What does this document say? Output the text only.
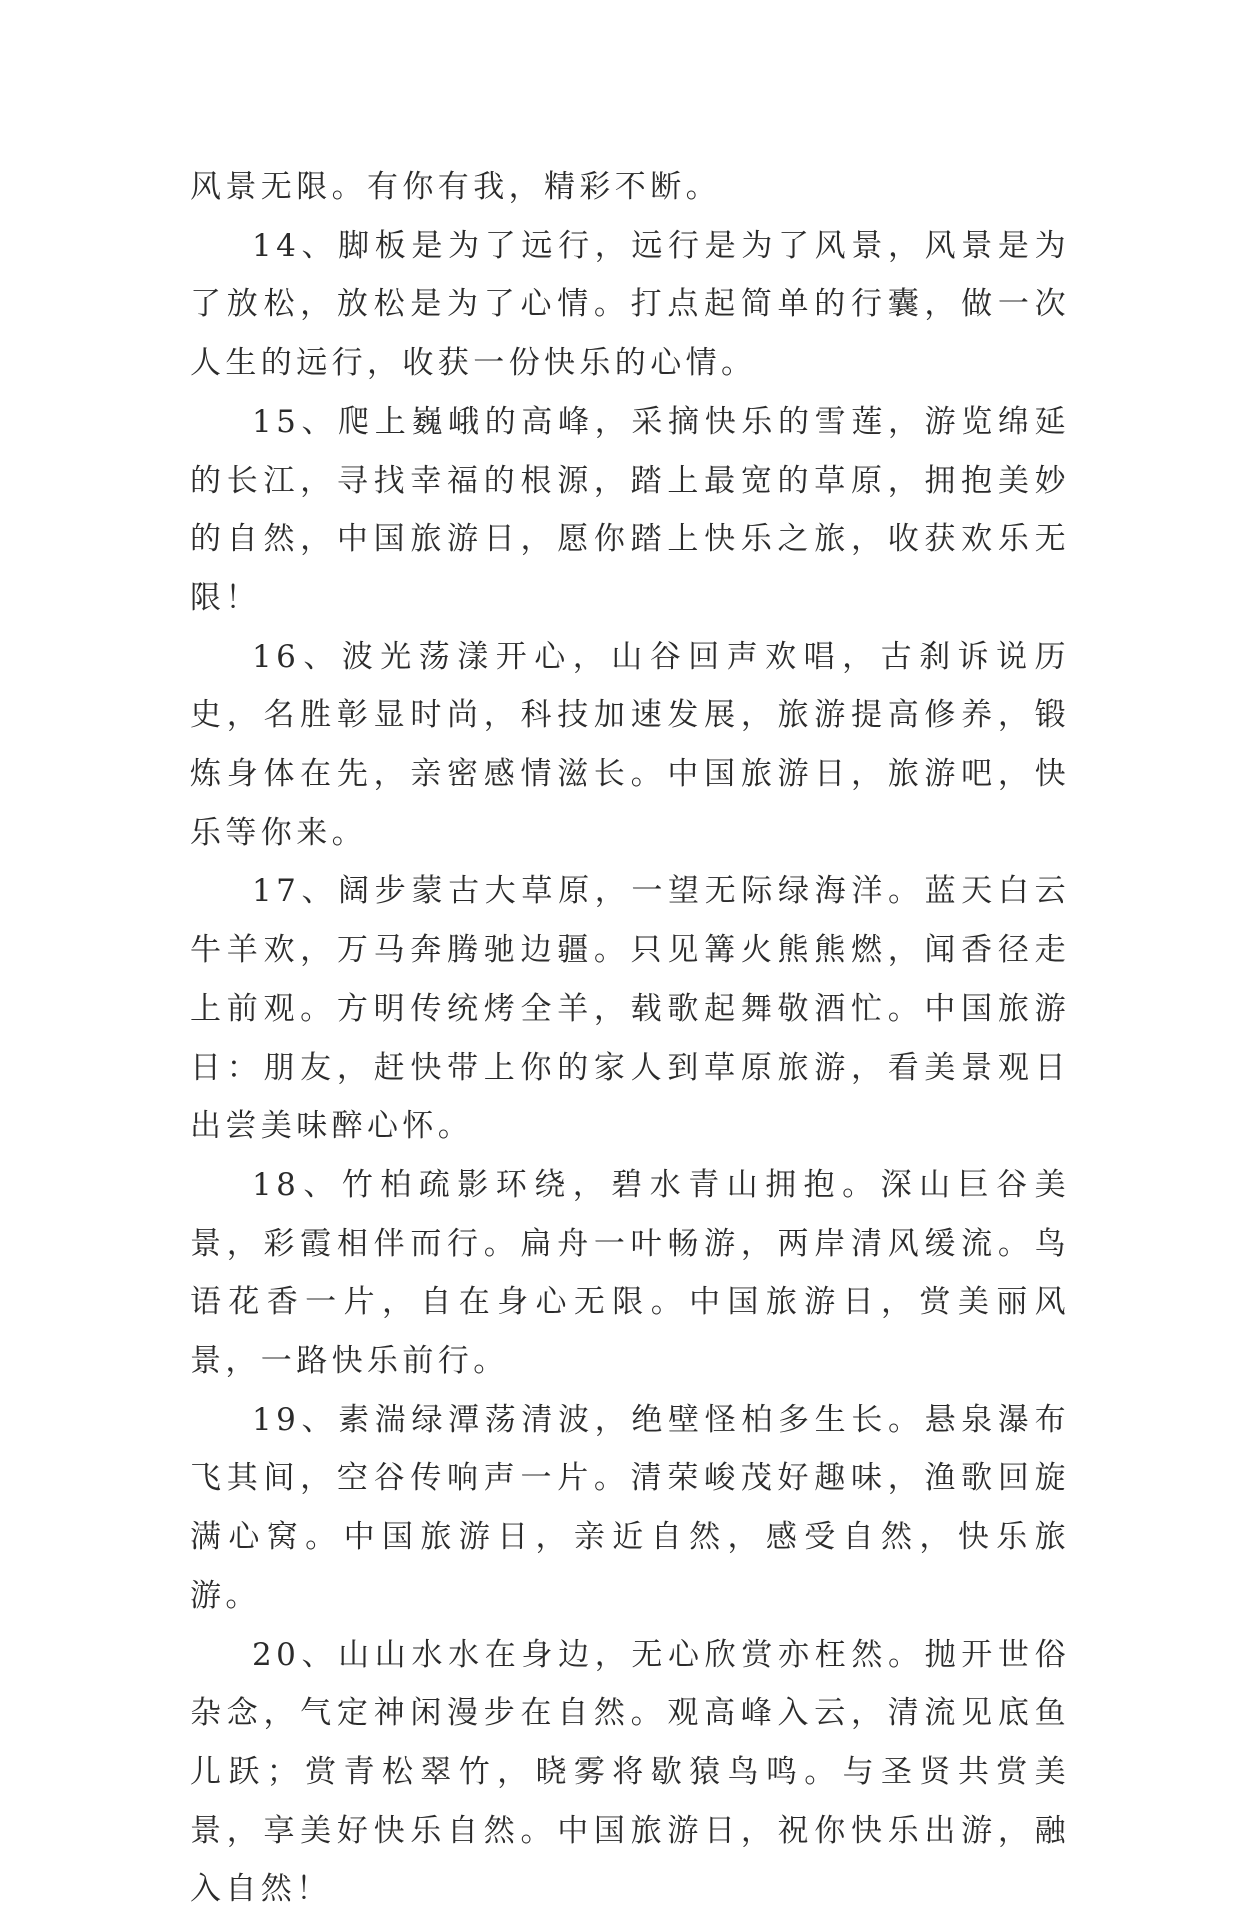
风景无限。有你有我，精彩不断。

14、脚板是为了远行，远行是为了风景，风景是为了放松，放松是为了心情。打点起简单的行囊，做一次人生的远行，收获一份快乐的心情。

15、爬上巍峨的高峰，采摘快乐的雪莲，游览绵延的长江，寻找幸福的根源，踏上最宽的草原，拥抱美妙的自然，中国旅游日，愿你踏上快乐之旅，收获欢乐无限！

16、波光荡漾开心，山谷回声欢唱，古刹诉说历史，名胜彰显时尚，科技加速发展，旅游提高修养，锻炼身体在先，亲密感情滋长。中国旅游日，旅游吧，快乐等你来。

17、阔步蒙古大草原，一望无际绿海洋。蓝天白云牛羊欢，万马奔腾驰边疆。只见篝火熊熊燃，闻香径走上前观。方明传统烤全羊，载歌起舞敬酒忙。中国旅游日：朋友，赶快带上你的家人到草原旅游，看美景观日出尝美味醉心怀。

18、竹柏疏影环绕，碧水青山拥抱。深山巨谷美景，彩霞相伴而行。扁舟一叶畅游，两岸清风缓流。鸟语花香一片，自在身心无限。中国旅游日，赏美丽风景，一路快乐前行。

19、素湍绿潭荡清波，绝壁怪柏多生长。悬泉瀑布飞其间，空谷传响声一片。清荣峻茂好趣味，渔歌回旋满心窝。中国旅游日，亲近自然，感受自然，快乐旅游。

20、山山水水在身边，无心欣赏亦枉然。抛开世俗杂念，气定神闲漫步在自然。观高峰入云，清流见底鱼儿跃；赏青松翠竹，晓雾将歇猿鸟鸣。与圣贤共赏美景，享美好快乐自然。中国旅游日，祝你快乐出游，融入自然！
